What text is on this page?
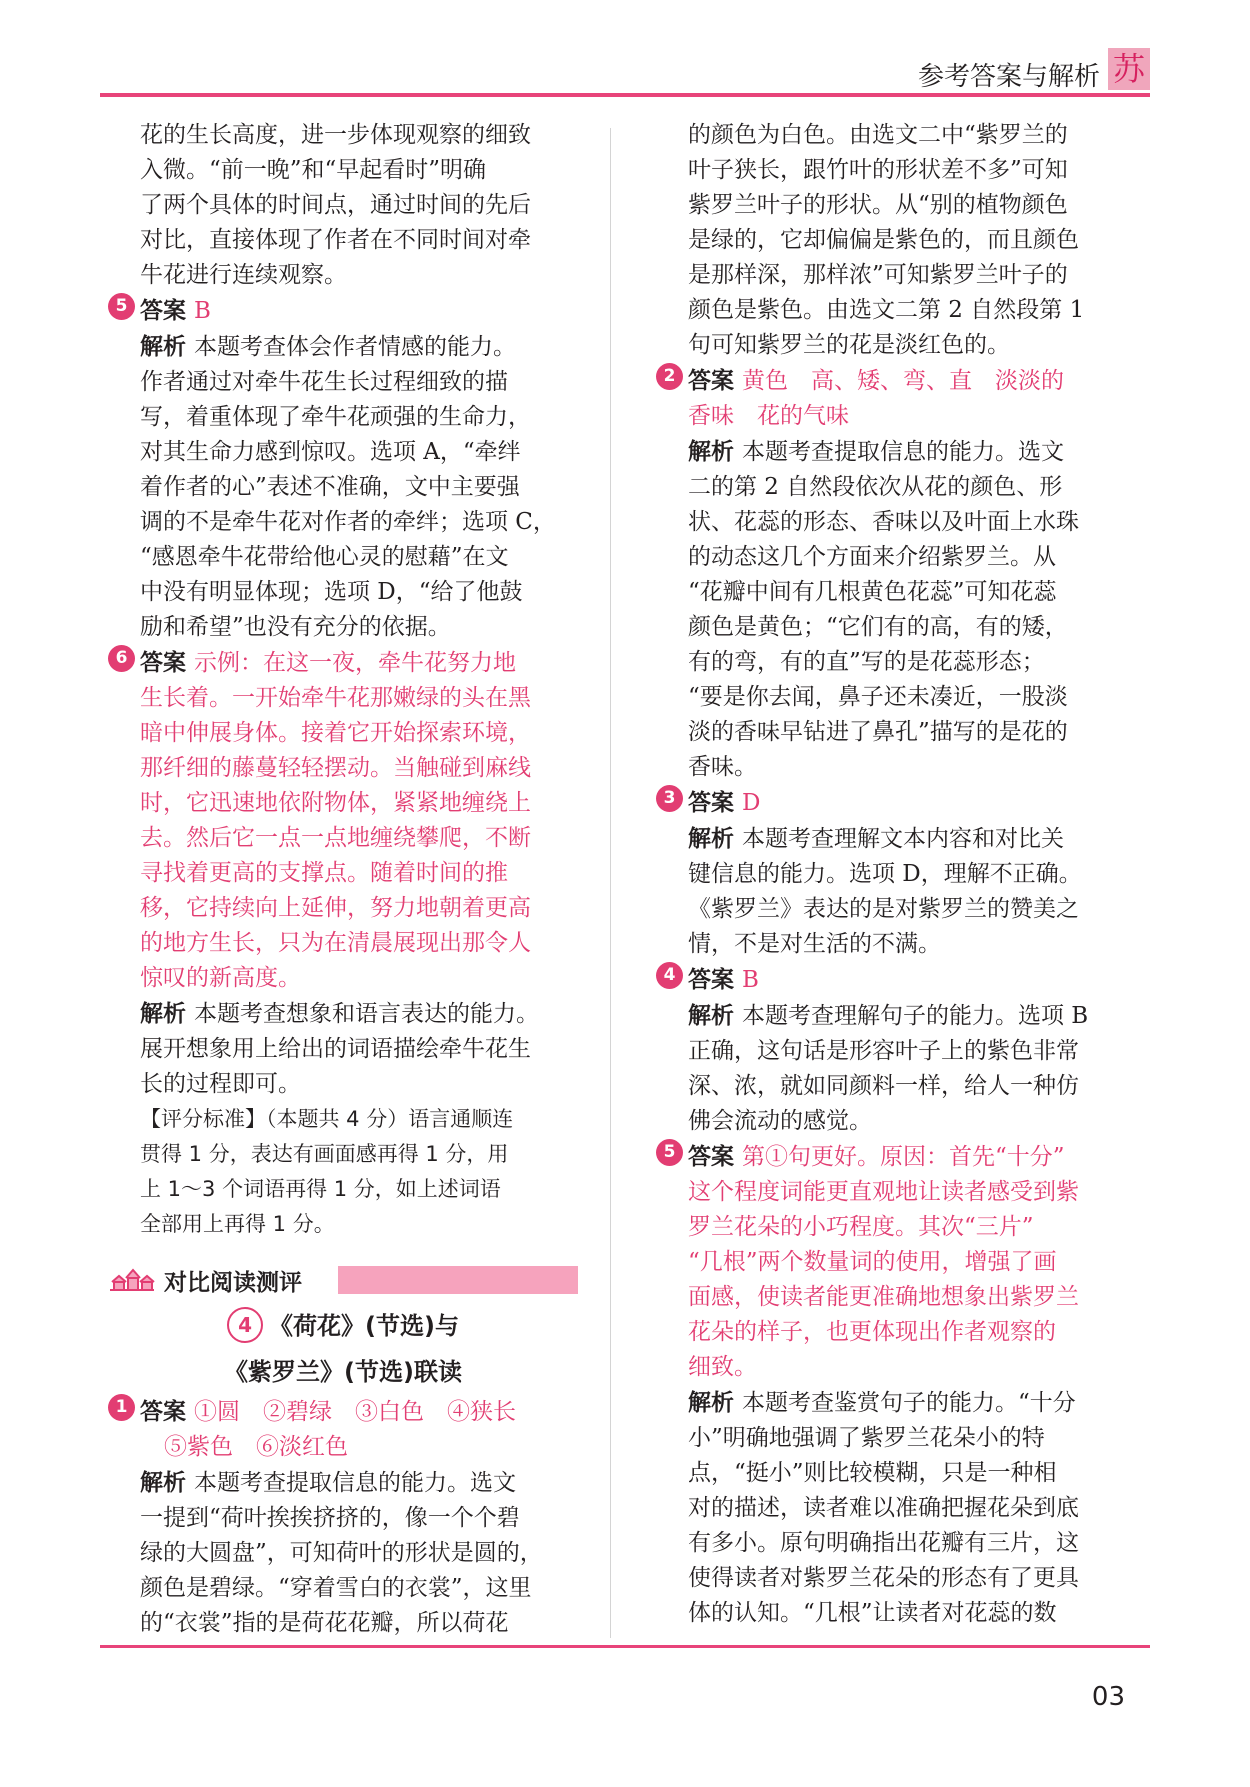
参考答案与解析 苏

花的生长高度，进一步体现观察的细致

入微。“前一晚”和“早起看时”明确

了两个具体的时间点，通过时间的先后

对比，直接体现了作者在不同时间对牵

牛花进行连续观察。

5 答案 B

解析 本题考查体会作者情感的能力。

作者通过对牵牛花生长过程细致的描

写，着重体现了牵牛花顽强的生命力，

对其生命力感到惊叹。选项 A，“牵绊

着作者的心”表述不准确，文中主要强

调的不是牵牛花对作者的牵绊；选项 C，

“感恩牵牛花带给他心灵的慰藉”在文

中没有明显体现；选项 D，“给了他鼓

励和希望”也没有充分的依据。

6 答案 示例：在这一夜，牵牛花努力地

生长着。一开始牵牛花那嫩绿的头在黑

暗中伸展身体。接着它开始探索环境，

那纤细的藤蔓轻轻摆动。当触碰到麻线

时，它迅速地依附物体，紧紧地缠绕上

去。然后它一点一点地缠绕攀爬，不断

寻找着更高的支撑点。随着时间的推

移，它持续向上延伸，努力地朝着更高

的地方生长，只为在清晨展现出那令人

惊叹的新高度。

解析 本题考查想象和语言表达的能力。

展开想象用上给出的词语描绘牵牛花生

长的过程即可。

【评分标准】（本题共 4 分）语言通顺连

贯得 1 分，表达有画面感再得 1 分，用

上 1～3 个词语再得 1 分，如上述词语

全部用上再得 1 分。

对比阅读测评

4 《荷花》(节选)与

《紫罗兰》(节选)联读

1 答案 ①圆　②碧绿　③白色　④狭长

⑤紫色　⑥淡红色

解析 本题考查提取信息的能力。选文

一提到“荷叶挨挨挤挤的，像一个个碧

绿的大圆盘”，可知荷叶的形状是圆的，

颜色是碧绿。“穿着雪白的衣裳”，这里

的“衣裳”指的是荷花花瓣，所以荷花

的颜色为白色。由选文二中“紫罗兰的

叶子狭长，跟竹叶的形状差不多”可知

紫罗兰叶子的形状。从“别的植物颜色

是绿的，它却偏偏是紫色的，而且颜色

是那样深，那样浓”可知紫罗兰叶子的

颜色是紫色。由选文二第 2 自然段第 1

句可知紫罗兰的花是淡红色的。

2 答案 黄色　高、矮、弯、直　淡淡的

香味　花的气味

解析 本题考查提取信息的能力。选文

二的第 2 自然段依次从花的颜色、形

状、花蕊的形态、香味以及叶面上水珠

的动态这几个方面来介绍紫罗兰。从

“花瓣中间有几根黄色花蕊”可知花蕊

颜色是黄色；“它们有的高，有的矮，

有的弯，有的直”写的是花蕊形态；

“要是你去闻，鼻子还未凑近，一股淡

淡的香味早钻进了鼻孔”描写的是花的

香味。

3 答案 D

解析 本题考查理解文本内容和对比关

键信息的能力。选项 D，理解不正确。

《紫罗兰》表达的是对紫罗兰的赞美之

情，不是对生活的不满。

4 答案 B

解析 本题考查理解句子的能力。选项 B

正确，这句话是形容叶子上的紫色非常

深、浓，就如同颜料一样，给人一种仿

佛会流动的感觉。

5 答案 第①句更好。原因：首先“十分”

这个程度词能更直观地让读者感受到紫

罗兰花朵的小巧程度。其次“三片”

“几根”两个数量词的使用，增强了画

面感，使读者能更准确地想象出紫罗兰

花朵的样子，也更体现出作者观察的

细致。

解析 本题考查鉴赏句子的能力。“十分

小”明确地强调了紫罗兰花朵小的特

点，“挺小”则比较模糊，只是一种相

对的描述，读者难以准确把握花朵到底

有多小。原句明确指出花瓣有三片，这

使得读者对紫罗兰花朵的形态有了更具

体的认知。“几根”让读者对花蕊的数

03
